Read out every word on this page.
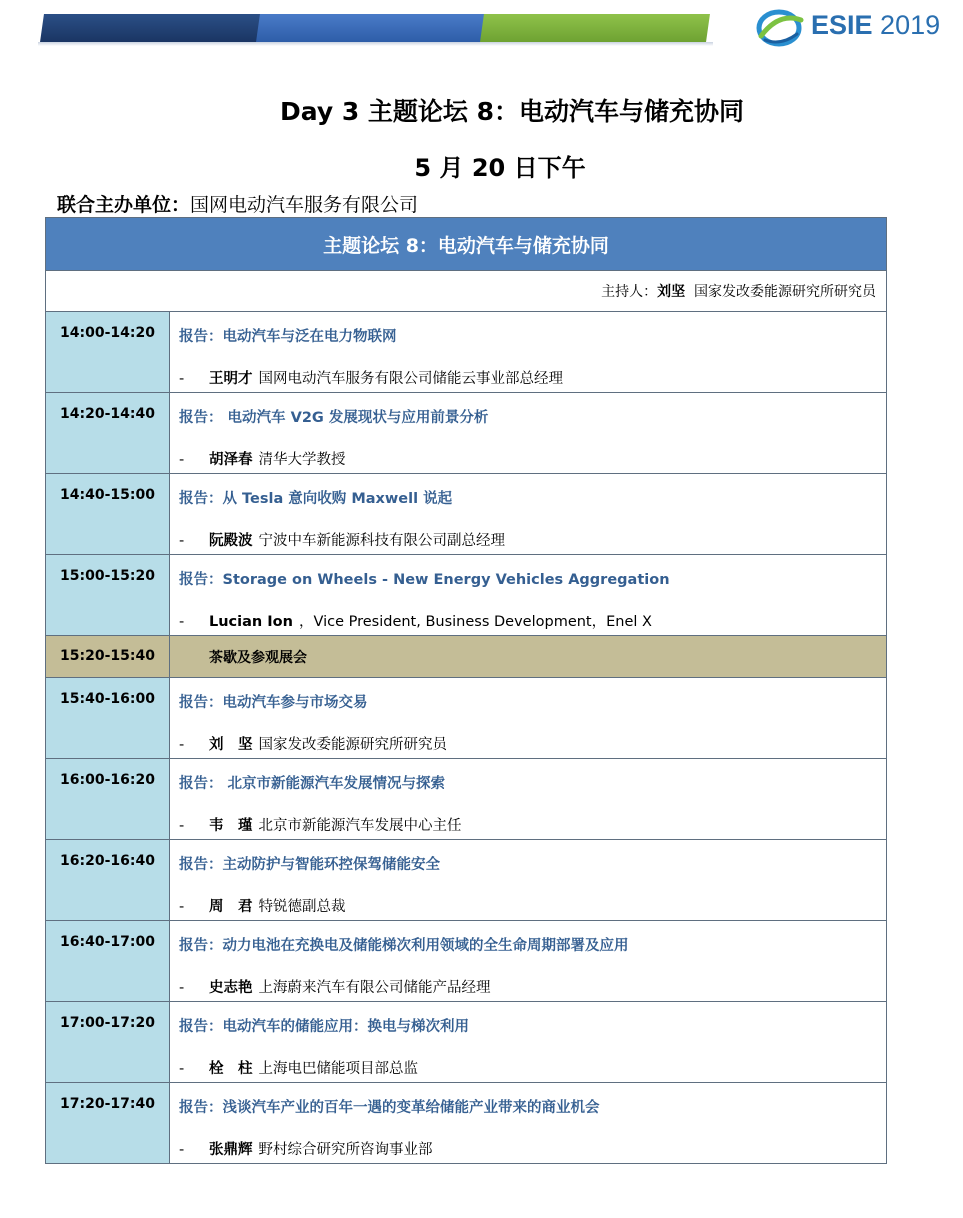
ESIE 2019
Day 3 主题论坛 8：电动汽车与储充协同
5 月 20 日下午
联合主办单位：国网电动汽车服务有限公司
主题论坛 8：电动汽车与储充协同	
主持人：刘坚 国家发改委能源研究所研究员	

14:00-14:20	报告：电动汽车与泛在电力物联网
- 王明才 国网电动汽车服务有限公司储能云事业部总经理

14:20-14:40	报告： 电动汽车 V2G 发展现状与应用前景分析
- 胡泽春 清华大学教授

14:40-15:00	报告：从 Tesla 意向收购 Maxwell 说起
- 阮殿波 宁波中车新能源科技有限公司副总经理

15:00-15:20	报告：Storage on Wheels - New Energy Vehicles Aggregation
- Lucian Ion ，Vice President, Business Development，Enel X

15:20-15:40	茶歇及参观展会

15:40-16:00	报告：电动汽车参与市场交易
- 刘　坚 国家发改委能源研究所研究员

16:00-16:20	报告： 北京市新能源汽车发展情况与探索
- 韦　瑾 北京市新能源汽车发展中心主任

16:20-16:40	报告：主动防护与智能环控保驾储能安全
- 周　君 特锐德副总裁

16:40-17:00	报告：动力电池在充换电及储能梯次利用领域的全生命周期部署及应用
- 史志艳 上海蔚来汽车有限公司储能产品经理

17:00-17:20	报告：电动汽车的储能应用：换电与梯次利用
- 栓　柱 上海电巴储能项目部总监

17:20-17:40	报告：浅谈汽车产业的百年一遇的变革给储能产业带来的商业机会
- 张鼎辉 野村综合研究所咨询事业部
